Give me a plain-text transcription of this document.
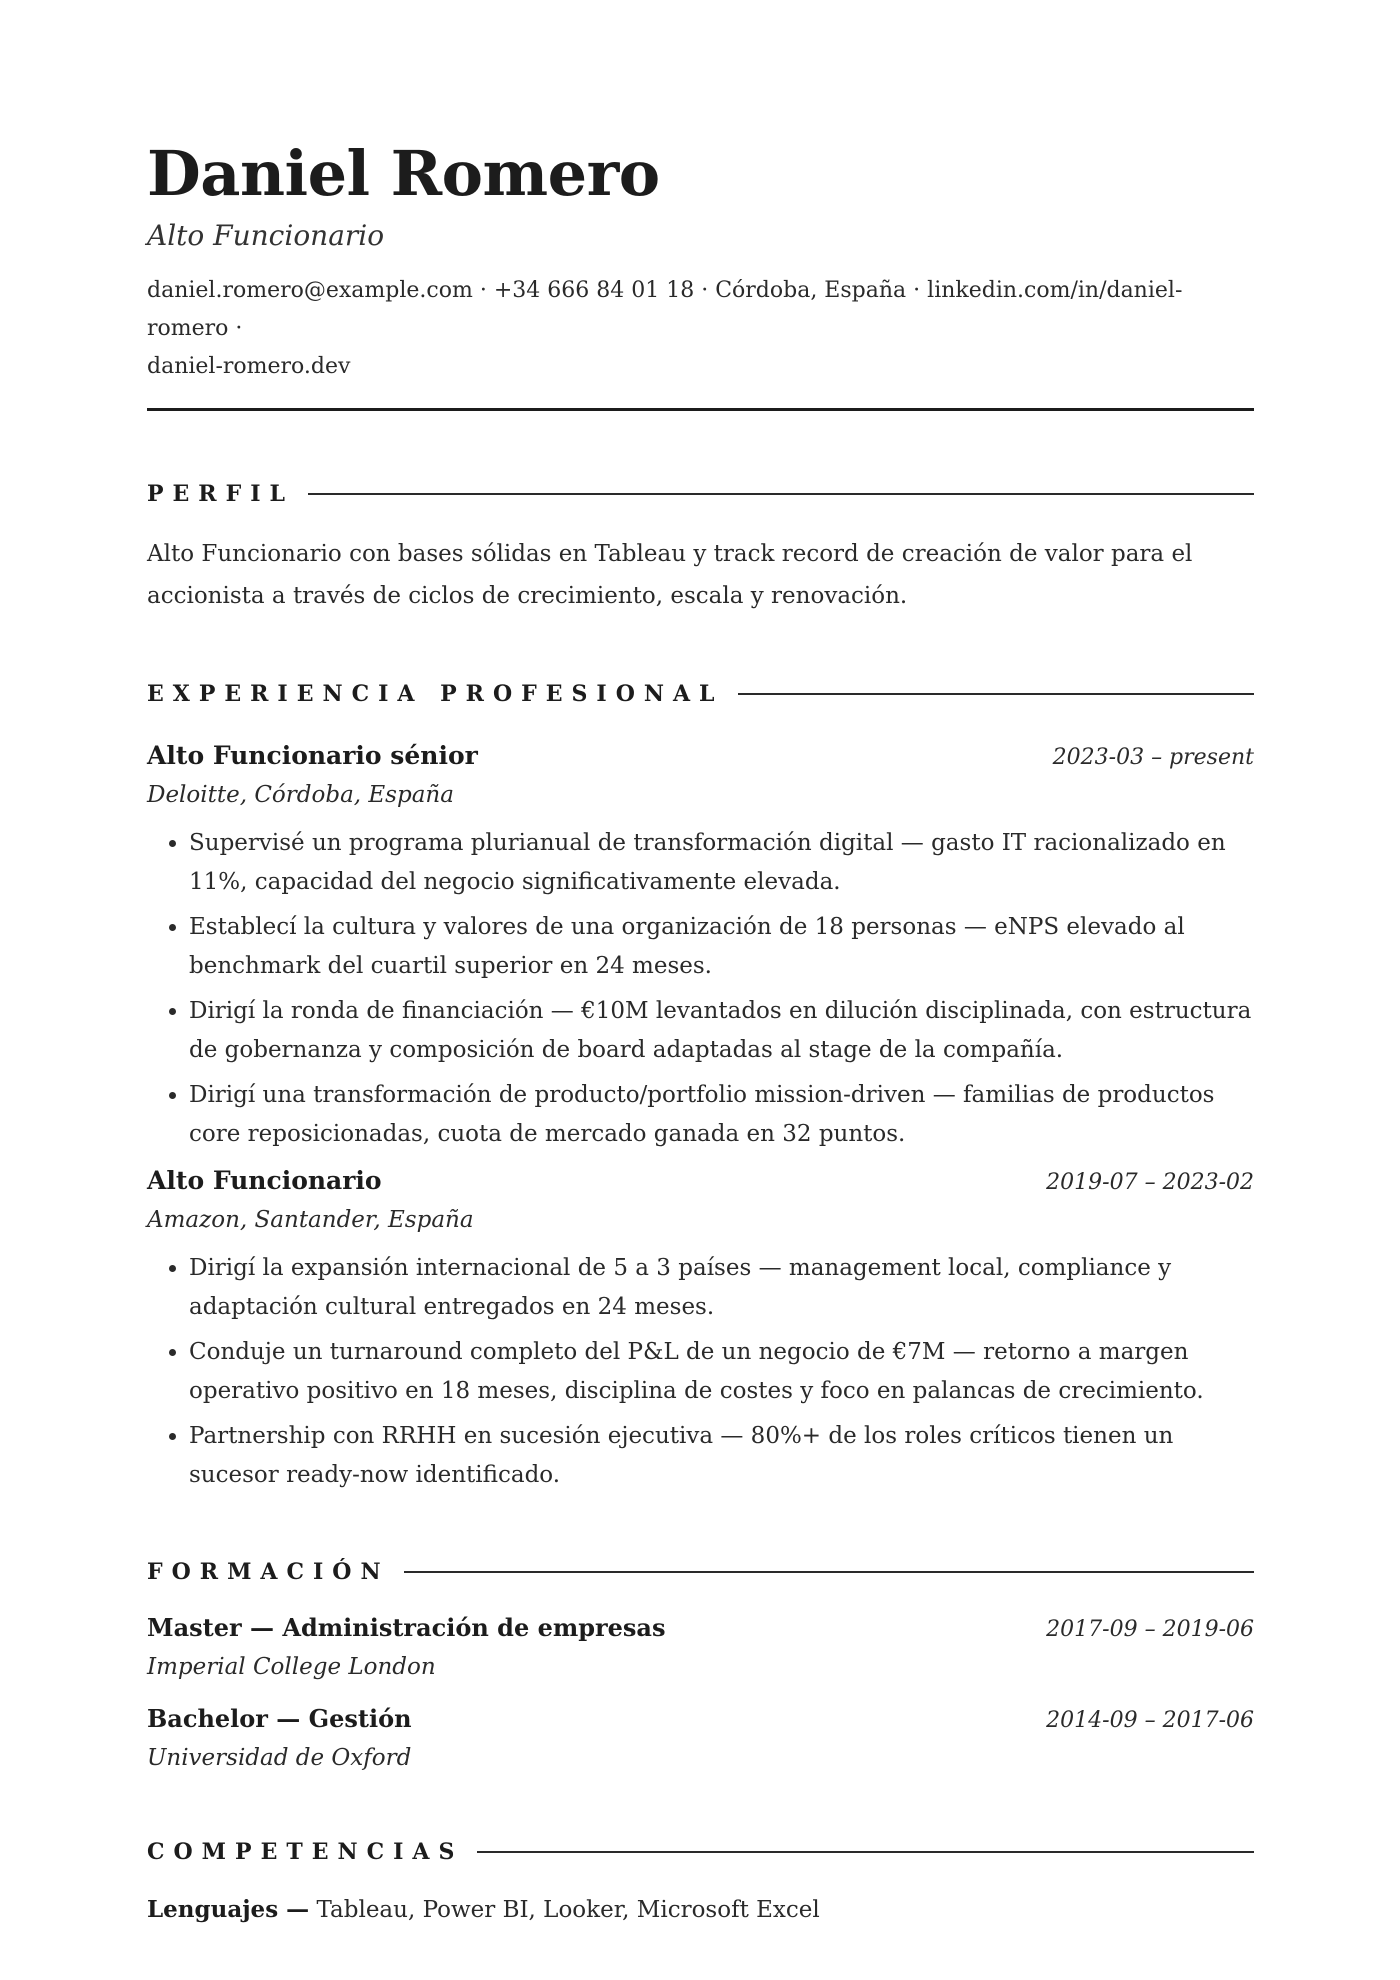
Daniel Romero
Alto Funcionario
daniel.romero@example.com · +34 666 84 01 18 · Córdoba, España · linkedin.com/in/daniel-romero ·
daniel-romero.dev
PERFIL
Alto Funcionario con bases sólidas en Tableau y track record de creación de valor para el accionista a través de ciclos de crecimiento, escala y renovación.
EXPERIENCIA PROFESIONAL
Alto Funcionario sénior	2023-03 – present
Deloitte, Córdoba, España
• Supervisé un programa plurianual de transformación digital — gasto IT racionalizado en 11%, capacidad del negocio significativamente elevada.
• Establecí la cultura y valores de una organización de 18 personas — eNPS elevado al benchmark del cuartil superior en 24 meses.
• Dirigí la ronda de financiación — €10M levantados en dilución disciplinada, con estructura de gobernanza y composición de board adaptadas al stage de la compañía.
• Dirigí una transformación de producto/portfolio mission-driven — familias de productos core reposicionadas, cuota de mercado ganada en 32 puntos.
Alto Funcionario	2019-07 – 2023-02
Amazon, Santander, España
• Dirigí la expansión internacional de 5 a 3 países — management local, compliance y adaptación cultural entregados en 24 meses.
• Conduje un turnaround completo del P&L de un negocio de €7M — retorno a margen operativo positivo en 18 meses, disciplina de costes y foco en palancas de crecimiento.
• Partnership con RRHH en sucesión ejecutiva — 80%+ de los roles críticos tienen un sucesor ready-now identificado.
FORMACIÓN
Master — Administración de empresas	2017-09 – 2019-06
Imperial College London
Bachelor — Gestión	2014-09 – 2017-06
Universidad de Oxford
COMPETENCIAS
Lenguajes — Tableau, Power BI, Looker, Microsoft Excel
